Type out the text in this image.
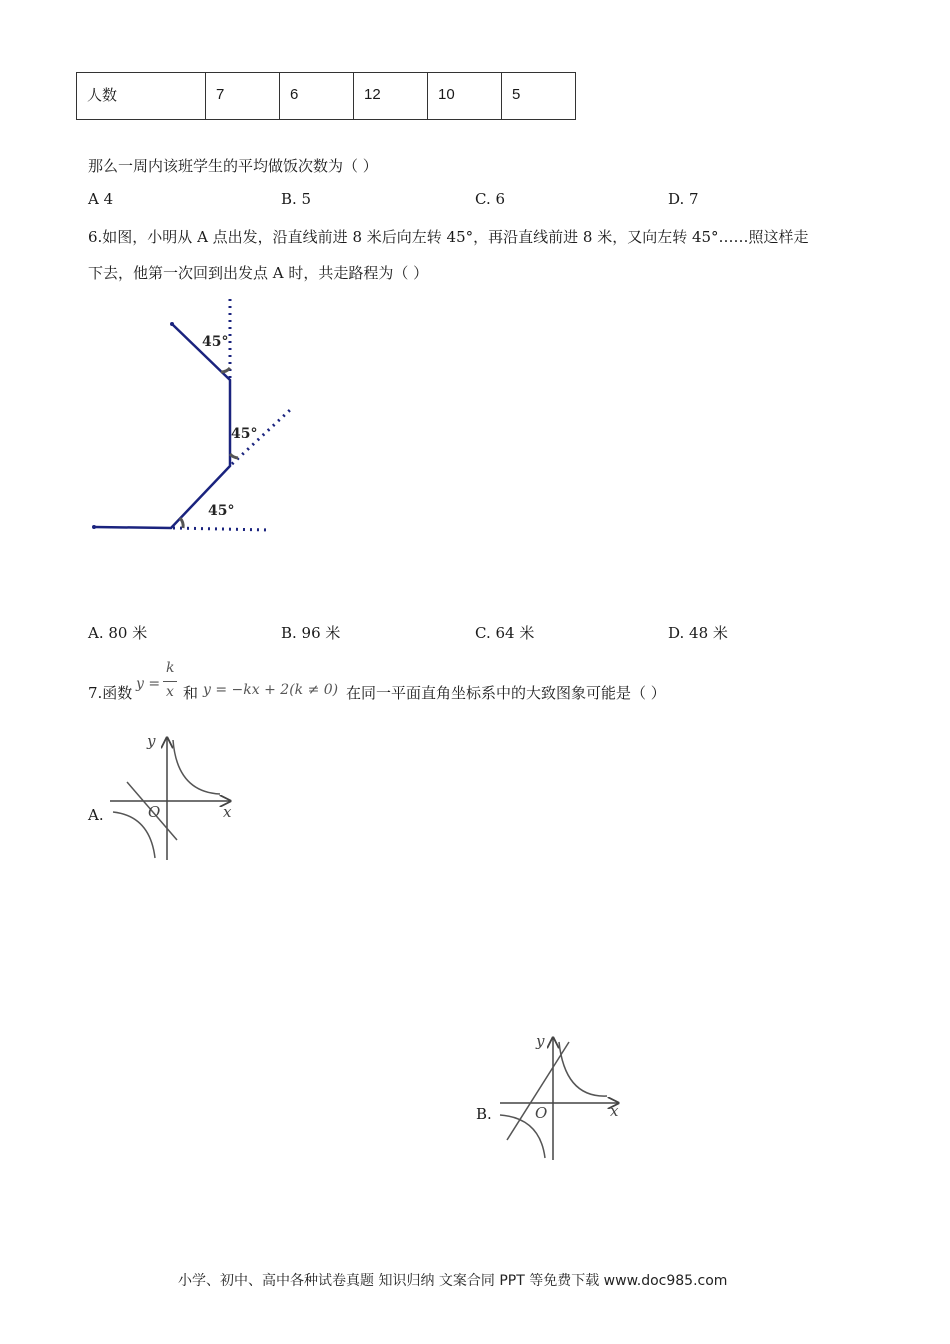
人数	7	6	12	10	5
那么一周内该班学生的平均做饭次数为（ ）
A 4	B. 5	C. 6	D. 7
6.如图，小明从 A 点出发，沿直线前进 8 米后向左转 45°，再沿直线前进 8 米，又向左转 45°……照这样走
下去，他第一次回到出发点 A 时，共走路程为（ ）
45°
45°
45°
A. 80 米	B. 96 米	C. 64 米	D. 48 米
7.函数 y =
k
x 和 y = −kx + 2(k ≠ 0) 在同一平面直角坐标系中的大致图象可能是（ ）
A.	O	x
y
B.	O	x
y
小学、初中、高中各种试卷真题 知识归纳 文案合同 PPT 等免费下载 www.doc985.com
